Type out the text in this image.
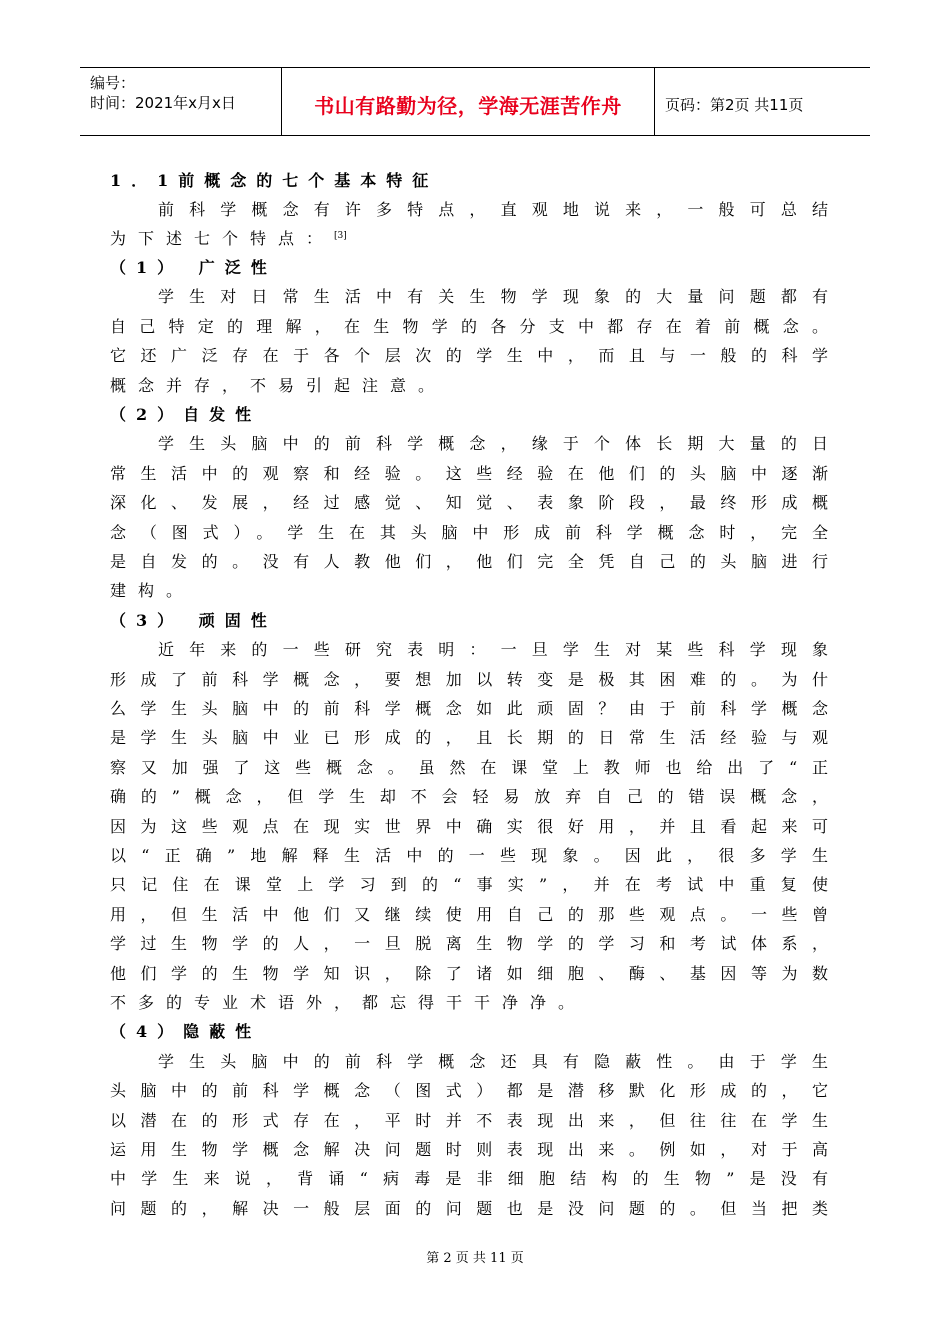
编号：
时间：2021年x月x日	书山有路勤为径，学海无涯苦作舟	页码：第2页 共11页
1．1前概念的七个基本特征
前科学概念有许多特点，直观地说来，一般可总结
为下述七个特点：[3]
（1） 广泛性
学生对日常生活中有关生物学现象的大量问题都有
自己特定的理解，在生物学的各分支中都存在着前概念。
它还广泛存在于各个层次的学生中，而且与一般的科学
概念并存，不易引起注意。
（2）自发性
学生头脑中的前科学概念，缘于个体长期大量的日
常生活中的观察和经验。这些经验在他们的头脑中逐渐
深化、发展，经过感觉、知觉、表象阶段，最终形成概
念（图式）。学生在其头脑中形成前科学概念时，完全
是自发的。没有人教他们，他们完全凭自己的头脑进行
建构。
（3） 顽固性
近年来的一些研究表明：一旦学生对某些科学现象
形成了前科学概念，要想加以转变是极其困难的。为什
么学生头脑中的前科学概念如此顽固？由于前科学概念
是学生头脑中业已形成的，且长期的日常生活经验与观
察又加强了这些概念。虽然在课堂上教师也给出了“正
确的”概念，但学生却不会轻易放弃自己的错误概念，
因为这些观点在现实世界中确实很好用，并且看起来可
以“正确”地解释生活中的一些现象。因此，很多学生
只记住在课堂上学习到的“事实”，并在考试中重复使
用，但生活中他们又继续使用自己的那些观点。一些曾
学过生物学的人，一旦脱离生物学的学习和考试体系，
他们学的生物学知识，除了诸如细胞、酶、基因等为数
不多的专业术语外，都忘得干干净净。
（4）隐蔽性
学生头脑中的前科学概念还具有隐蔽性。由于学生
头脑中的前科学概念（图式）都是潜移默化形成的，它
以潜在的形式存在，平时并不表现出来，但往往在学生
运用生物学概念解决问题时则表现出来。例如，对于高
中学生来说，背诵“病毒是非细胞结构的生物”是没有
问题的，解决一般层面的问题也是没问题的。但当把类
第 2 页 共 11 页
